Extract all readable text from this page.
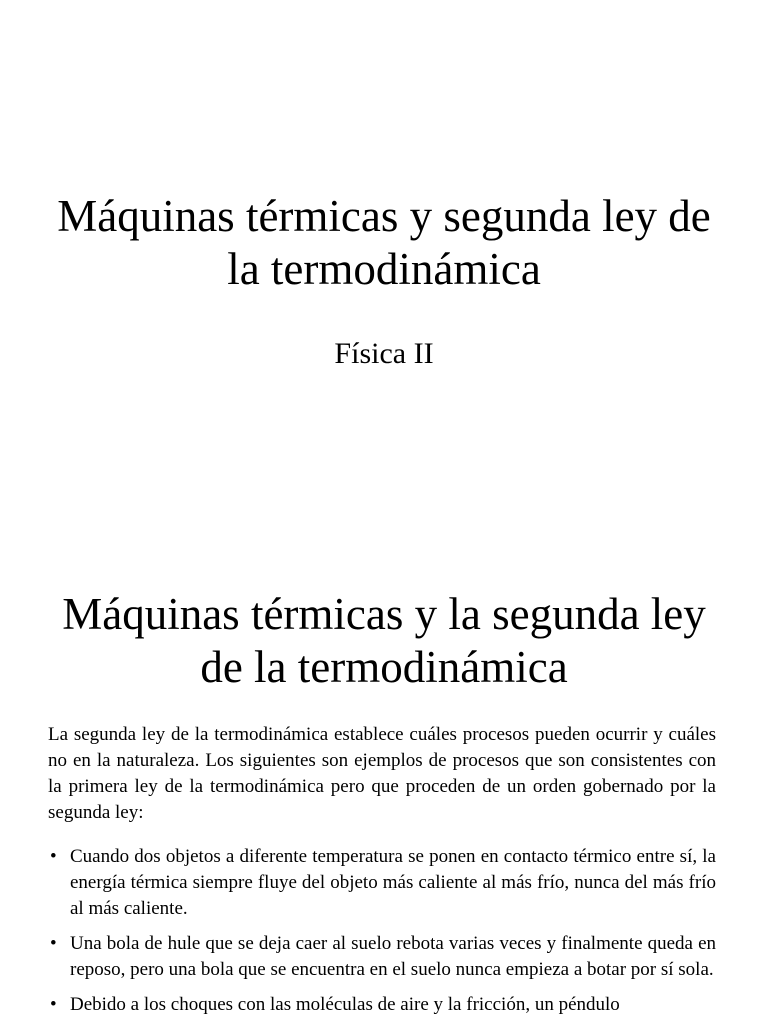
Máquinas térmicas y segunda ley de la termodinámica
Física II
Máquinas térmicas y la segunda ley de la termodinámica

La segunda ley de la termodinámica establece cuáles procesos pueden ocurrir y cuáles no en la naturaleza. Los siguientes son ejemplos de procesos que son consistentes con la primera ley de la termodinámica pero que proceden de un orden gobernado por la segunda ley:

• Cuando dos objetos a diferente temperatura se ponen en contacto térmico entre sí, la energía térmica siempre fluye del objeto más caliente al más frío, nunca del más frío al más caliente.
• Una bola de hule que se deja caer al suelo rebota varias veces y finalmente queda en reposo, pero una bola que se encuentra en el suelo nunca empieza a botar por sí sola.
• Debido a los choques con las moléculas de aire y la fricción, un péndulo
